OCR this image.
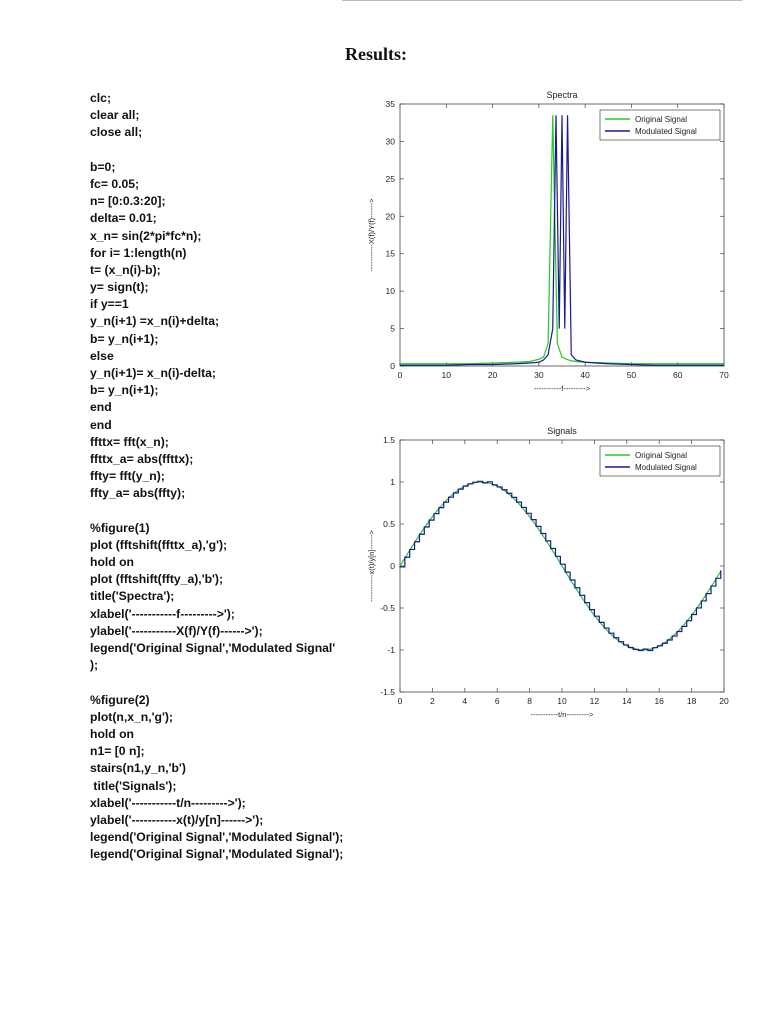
Results:
clc;
clear all;
close all;
b=0;
fc= 0.05;
n= [0:0.3:20];
delta= 0.01;
x_n= sin(2*pi*fc*n);
for i= 1:length(n)
t= (x_n(i)-b);
y= sign(t);
if y==1
y_n(i+1) =x_n(i)+delta;
b= y_n(i+1);
else
y_n(i+1)= x_n(i)-delta;
b= y_n(i+1);
end
end
ffttx= fft(x_n);
ffttx_a= abs(ffttx);
ffty= fft(y_n);
ffty_a= abs(ffty);
%figure(1)
plot (fftshift(ffttx_a),'g');
hold on
plot (fftshift(ffty_a),'b');
title('Spectra');
xlabel('-----------f--------->');
ylabel('-----------X(f)/Y(f)------>');
legend('Original Signal','Modulated Signal'
);
%figure(2)
plot(n,x_n,'g');
hold on
n1= [0 n];
stairs(n1,y_n,'b')
title('Signals');
xlabel('-----------t/n--------->');
ylabel('-----------x(t)/y[n]------>');
legend('Original Signal','Modulated Signal');
legend('Original Signal','Modulated Signal');
Spectra
0	10	20	30	40	50	60	70
0
5
10
15
20
25
30
35
-----------f--------->
-----------X(f)/Y(f)------>
Original Signal
Modulated Signal
Signals
0	2	4	6	8	10	12	14	16	18	20
-1.5
-1
-0.5
0
0.5
1
1.5
-----------t/n--------->
-----------x(t)/y[n]------>
Original Signal
Modulated Signal
